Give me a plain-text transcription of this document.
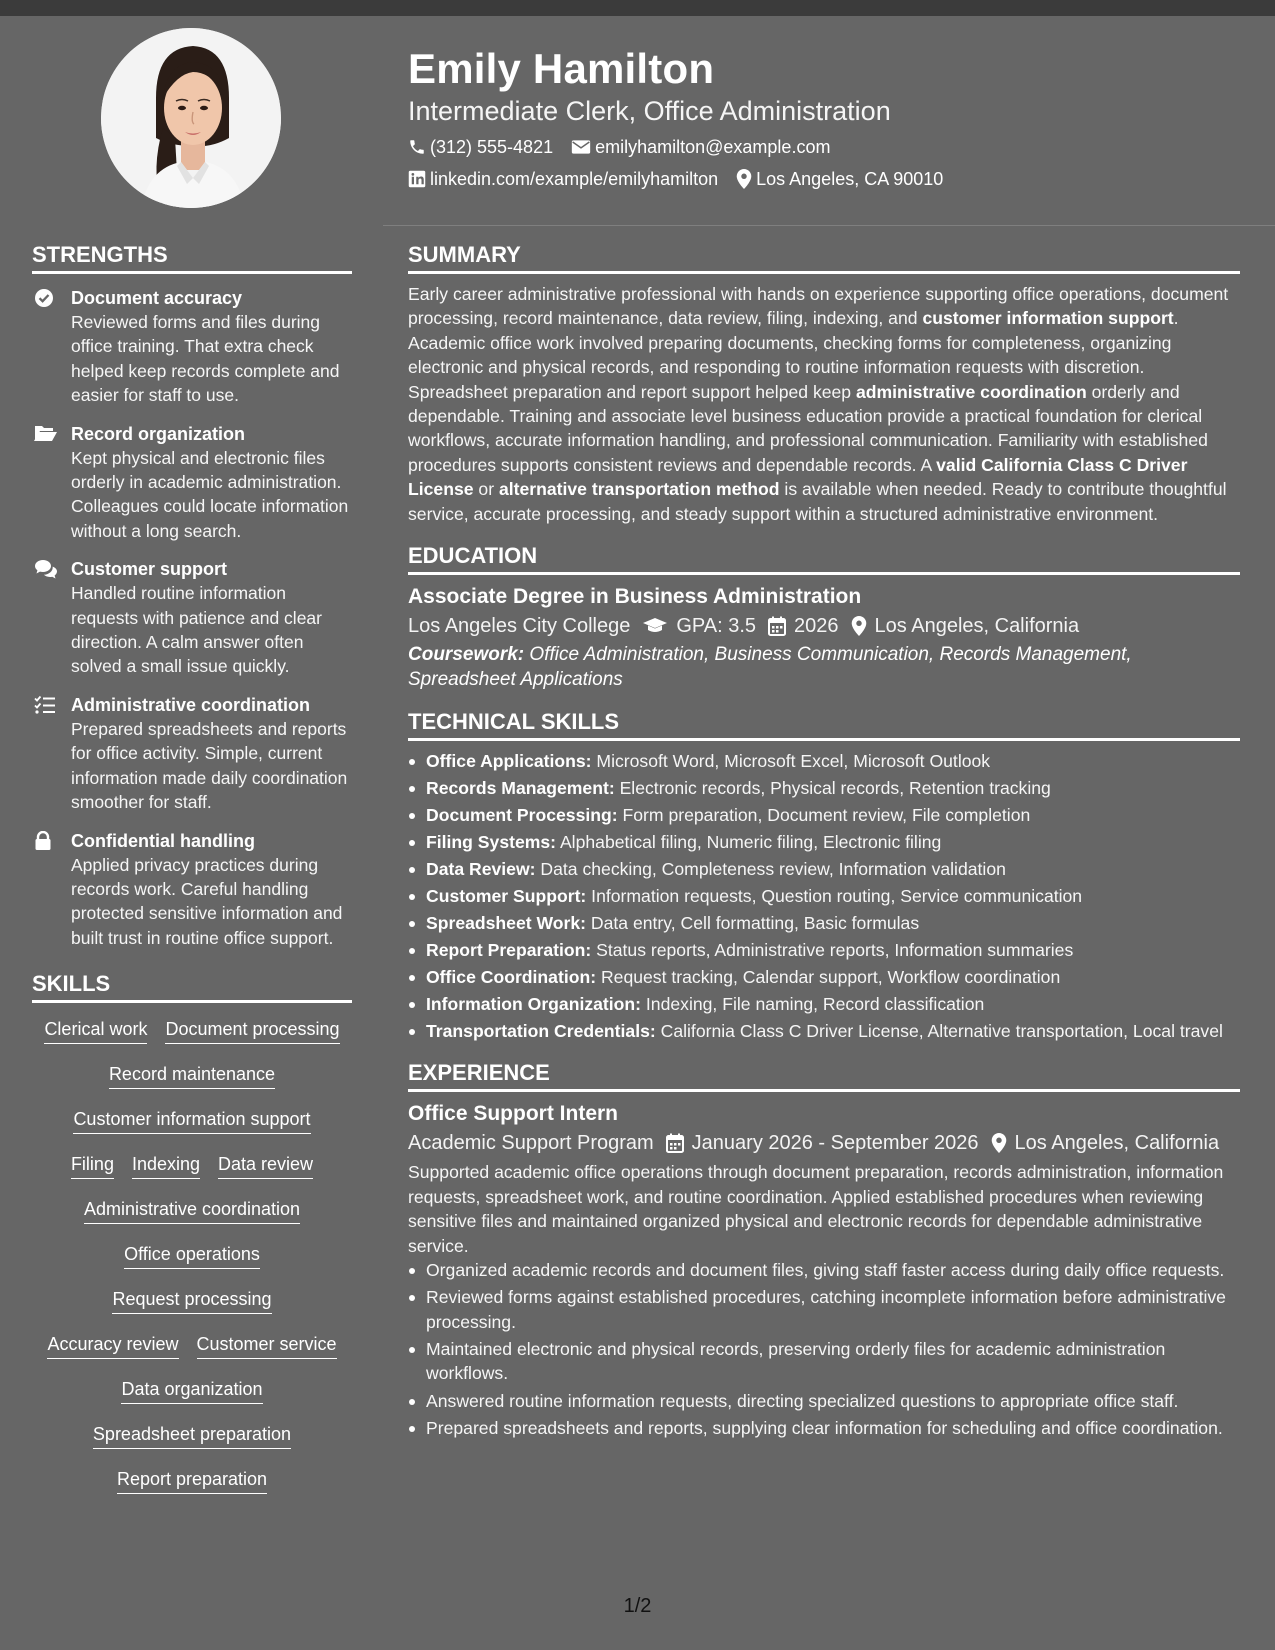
Emily Hamilton
Intermediate Clerk, Office Administration
(312) 555-4821 emilyhamilton@example.com
linkedin.com/example/emilyhamilton Los Angeles, CA 90010
STRENGTHS
Document accuracy
Reviewed forms and files during office training. That extra check helped keep records complete and easier for staff to use.
Record organization
Kept physical and electronic files orderly in academic administration. Colleagues could locate information without a long search.
Customer support
Handled routine information requests with patience and clear direction. A calm answer often solved a small issue quickly.
Administrative coordination
Prepared spreadsheets and reports for office activity. Simple, current information made daily coordination smoother for staff.
Confidential handling
Applied privacy practices during records work. Careful handling protected sensitive information and built trust in routine office support.
SKILLS
Clerical work Document processing
Record maintenance
Customer information support
Filing Indexing Data review
Administrative coordination
Office operations
Request processing
Accuracy review Customer service
Data organization
Spreadsheet preparation
Report preparation
SUMMARY

Early career administrative professional with hands on experience supporting office operations, document processing, record maintenance, data review, filing, indexing, and customer information support. Academic office work involved preparing documents, checking forms for completeness, organizing electronic and physical records, and responding to routine information requests with discretion. Spreadsheet preparation and report support helped keep administrative coordination orderly and dependable. Training and associate level business education provide a practical foundation for clerical workflows, accurate information handling, and professional communication. Familiarity with established procedures supports consistent reviews and dependable records. A valid California Class C Driver License or alternative transportation method is available when needed. Ready to contribute thoughtful service, accurate processing, and steady support within a structured administrative environment.

EDUCATION
Associate Degree in Business Administration
Los Angeles City College GPA: 3.5 2026 Los Angeles, California
Coursework: Office Administration, Business Communication, Records Management, Spreadsheet Applications
TECHNICAL SKILLS
Office Applications: Microsoft Word, Microsoft Excel, Microsoft Outlook
Records Management: Electronic records, Physical records, Retention tracking
Document Processing: Form preparation, Document review, File completion
Filing Systems: Alphabetical filing, Numeric filing, Electronic filing
Data Review: Data checking, Completeness review, Information validation
Customer Support: Information requests, Question routing, Service communication
Spreadsheet Work: Data entry, Cell formatting, Basic formulas
Report Preparation: Status reports, Administrative reports, Information summaries
Office Coordination: Request tracking, Calendar support, Workflow coordination
Information Organization: Indexing, File naming, Record classification
Transportation Credentials: California Class C Driver License, Alternative transportation, Local travel
EXPERIENCE
Office Support Intern
Academic Support Program January 2026 - September 2026 Los Angeles, California

Supported academic office operations through document preparation, records administration, information requests, spreadsheet work, and routine coordination. Applied established procedures when reviewing sensitive files and maintained organized physical and electronic records for dependable administrative service.

Organized academic records and document files, giving staff faster access during daily office requests.
Reviewed forms against established procedures, catching incomplete information before administrative processing.
Maintained electronic and physical records, preserving orderly files for academic administration workflows.
Answered routine information requests, directing specialized questions to appropriate office staff.
Prepared spreadsheets and reports, supplying clear information for scheduling and office coordination.
1/2
